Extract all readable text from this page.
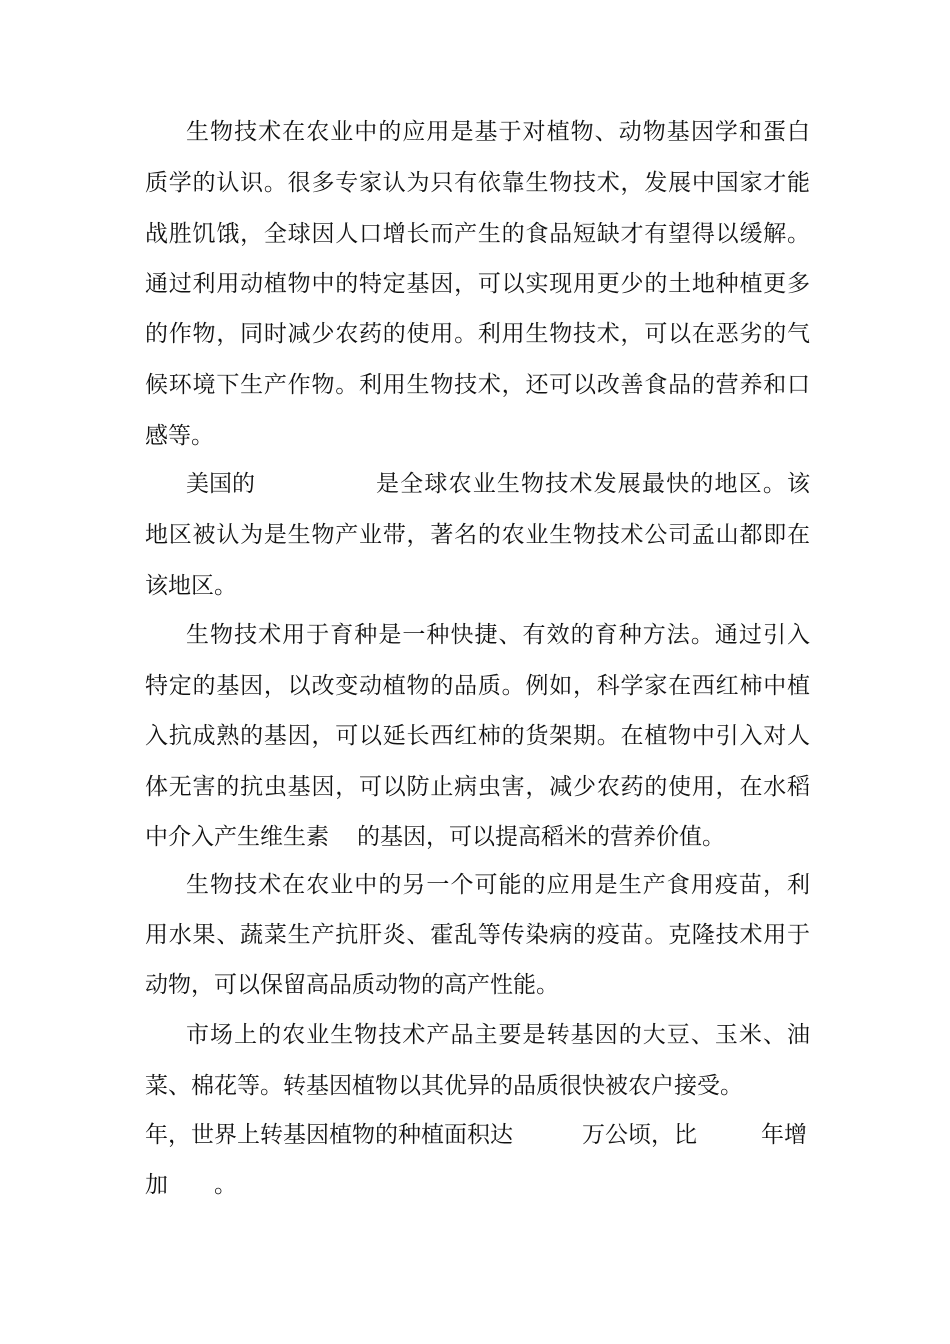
生物技术在农业中的应用是基于对植物、动物基因学和蛋白
质学的认识。很多专家认为只有依靠生物技术，发展中国家才能
战胜饥饿，全球因人口增长而产生的食品短缺才有望得以缓解。
通过利用动植物中的特定基因，可以实现用更少的土地种植更多
的作物，同时减少农药的使用。利用生物技术，可以在恶劣的气
候环境下生产作物。利用生物技术，还可以改善食品的营养和口
感等。
美国的	是全球农业生物技术发展最快的地区。该
地区被认为是生物产业带，著名的农业生物技术公司孟山都即在
该地区。
生物技术用于育种是一种快捷、有效的育种方法。通过引入
特定的基因，以改变动植物的品质。例如，科学家在西红柿中植
入抗成熟的基因，可以延长西红柿的货架期。在植物中引入对人
体无害的抗虫基因，可以防止病虫害，减少农药的使用，在水稻
中介入产生维生素 的基因，可以提高稻米的营养价值。
生物技术在农业中的另一个可能的应用是生产食用疫苗，利
用水果、蔬菜生产抗肝炎、霍乱等传染病的疫苗。克隆技术用于
动物，可以保留高品质动物的高产性能。
市场上的农业生物技术产品主要是转基因的大豆、玉米、油
菜、棉花等。转基因植物以其优异的品质很快被农户接受。
年，世界上转基因植物的种植面积达	万公顷，比	年增
加 。
